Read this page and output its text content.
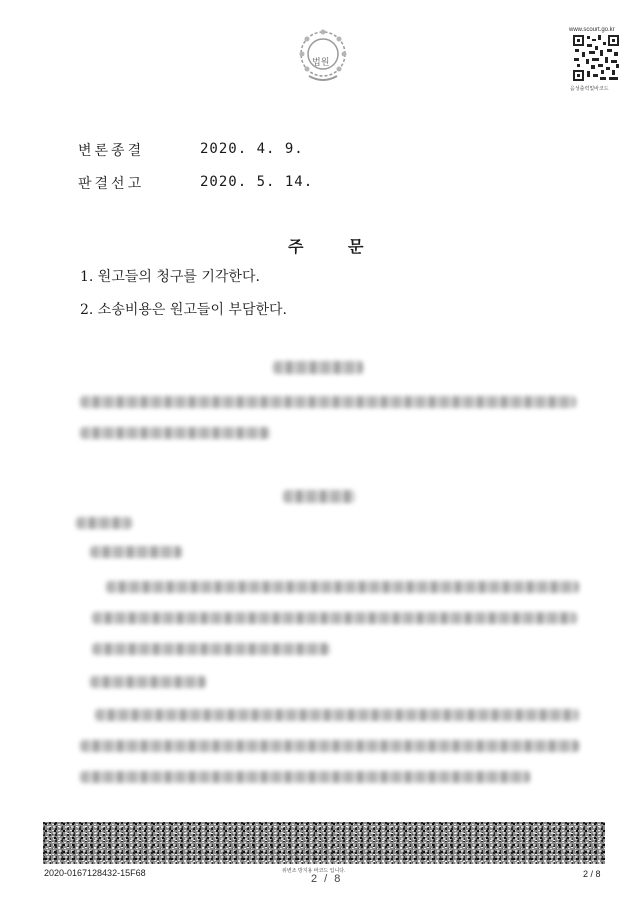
법원
www.scourt.go.kr
음성출력및바코드
변론종결	2020. 4. 9.
판결선고	2020. 5. 14.
주        문
1. 원고들의 청구를 기각한다.
2. 소송비용은 원고들이 부담한다.
2020-0167128432-15F68	위변조 방지용 바코드 입니다.
2 / 8	2 / 8
